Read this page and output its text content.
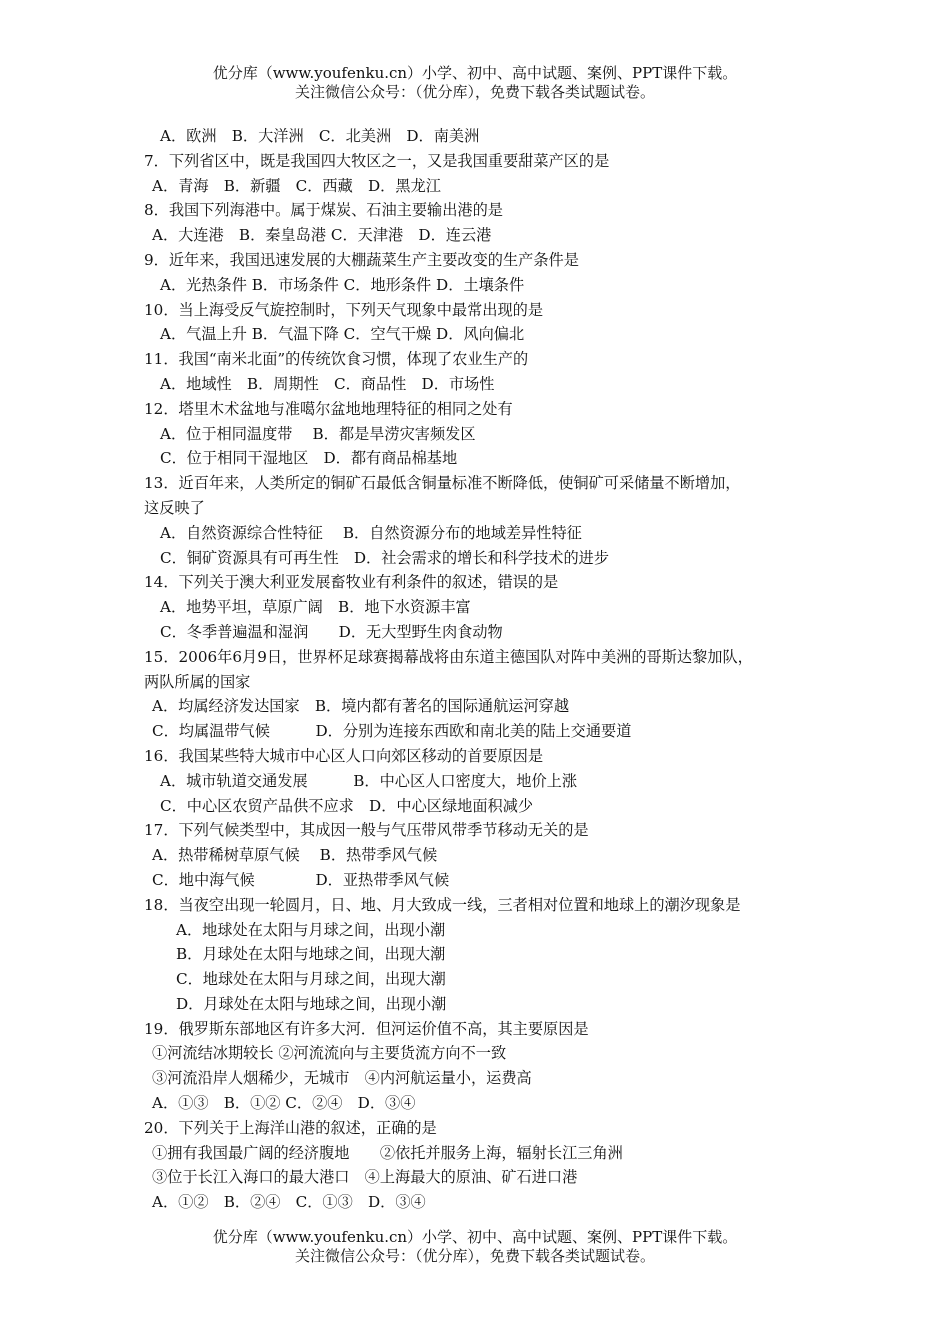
优分库（www.youfenku.cn）小学、初中、高中试题、案例、PPT课件下载。
关注微信公众号：（优分库），免费下载各类试题试卷。
A．欧洲　B．大洋洲　C．北美洲　D．南美洲
7．下列省区中，既是我国四大牧区之一，又是我国重要甜菜产区的是
A．青海　B．新疆　C．西藏　D．黑龙江
8．我国下列海港中。属于煤炭、石油主要输出港的是
A．大连港　B．秦皇岛港 C．天津港　D．连云港
9．近年来，我国迅速发展的大棚蔬菜生产主要改变的生产条件是
A．光热条件 B．市场条件 C．地形条件 D．土壤条件
10．当上海受反气旋控制时，下列天气现象中最常出现的是
A．气温上升 B．气温下降 C．空气干燥 D．风向偏北
11．我国“南米北面”的传统饮食习惯，体现了农业生产的
A．地域性　B．周期性　C．商品性　D．市场性
12．塔里木术盆地与准噶尔盆地地理特征的相同之处有
A．位于相同温度带　 B．都是旱涝灾害频发区
C．位于相同干湿地区　D．都有商品棉基地
13．近百年来，人类所定的铜矿石最低含铜量标准不断降低，使铜矿可采储量不断增加，
这反映了
A．自然资源综合性特征　 B．自然资源分布的地域差异性特征
C．铜矿资源具有可再生性　D．社会需求的增长和科学技术的进步
14．下列关于澳大利亚发展畜牧业有利条件的叙述，错误的是
A．地势平坦，草原广阔　B．地下水资源丰富
C．冬季普遍温和湿润　　D．无大型野生肉食动物
15．2006年6月9日，世界杯足球赛揭幕战将由东道主德国队对阵中美洲的哥斯达黎加队，
两队所属的国家
A．均属经济发达国家　B．境内都有著名的国际通航运河穿越
C．均属温带气候　　　D．分别为连接东西欧和南北美的陆上交通要道
16．我国某些特大城市中心区人口向郊区移动的首要原因是
A．城市轨道交通发展　　　B．中心区人口密度大，地价上涨
C．中心区农贸产品供不应求　D．中心区绿地面积减少
17．下列气候类型中，其成因一般与气压带风带季节移动无关的是
A．热带稀树草原气候　 B．热带季风气候
C．地中海气候　　　　D．亚热带季风气候
18．当夜空出现一轮圆月，日、地、月大致成一线，三者相对位置和地球上的潮汐现象是
A．地球处在太阳与月球之间，出现小潮
B．月球处在太阳与地球之间，出现大潮
C．地球处在太阳与月球之间，出现大潮
D．月球处在太阳与地球之间，出现小潮
19．俄罗斯东部地区有许多大河．但河运价值不高，其主要原因是
①河流结冰期较长 ②河流流向与主要货流方向不一致
③河流沿岸人烟稀少，无城市　④内河航运量小，运费高
A．①③　B．①② C．②④　D．③④
20．下列关于上海洋山港的叙述，正确的是
①拥有我国最广阔的经济腹地　　②依托并服务上海，辐射长江三角洲
③位于长江入海口的最大港口　④上海最大的原油、矿石进口港
A．①②　B．②④　C．①③　D．③④
优分库（www.youfenku.cn）小学、初中、高中试题、案例、PPT课件下载。
关注微信公众号：（优分库），免费下载各类试题试卷。
